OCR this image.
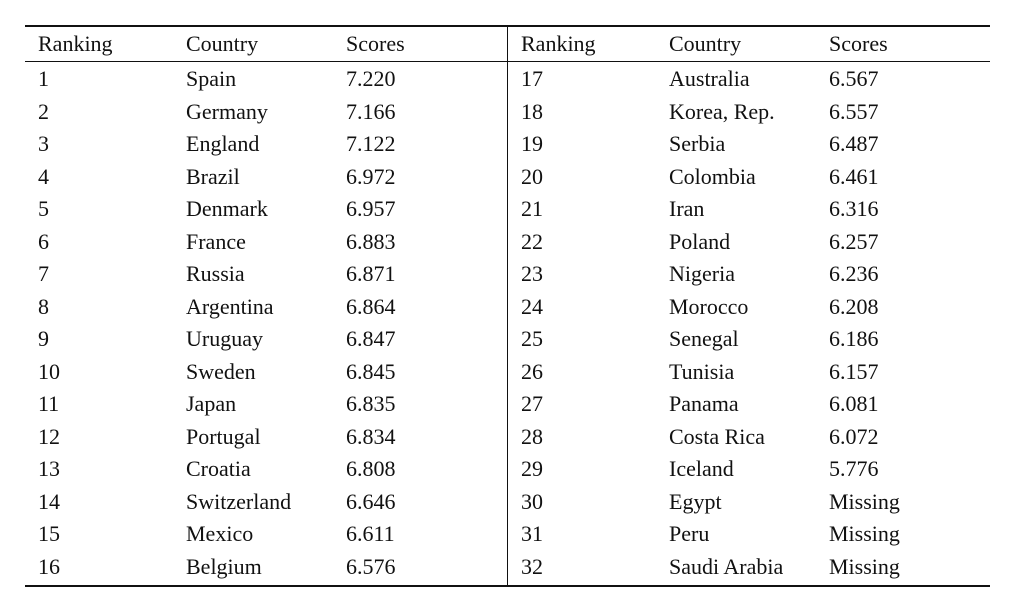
Ranking	Country	Scores
1	Spain	7.220
2	Germany	7.166
3	England	7.122
4	Brazil	6.972
5	Denmark	6.957
6	France	6.883
7	Russia	6.871
8	Argentina	6.864
9	Uruguay	6.847
10	Sweden	6.845
11	Japan	6.835
12	Portugal	6.834
13	Croatia	6.808
14	Switzerland	6.646
15	Mexico	6.611
16	Belgium	6.576
Ranking	Country	Scores
17	Australia	6.567
18	Korea, Rep.	6.557
19	Serbia	6.487
20	Colombia	6.461
21	Iran	6.316
22	Poland	6.257
23	Nigeria	6.236
24	Morocco	6.208
25	Senegal	6.186
26	Tunisia	6.157
27	Panama	6.081
28	Costa Rica	6.072
29	Iceland	5.776
30	Egypt	Missing
31	Peru	Missing
32	Saudi Arabia	Missing
